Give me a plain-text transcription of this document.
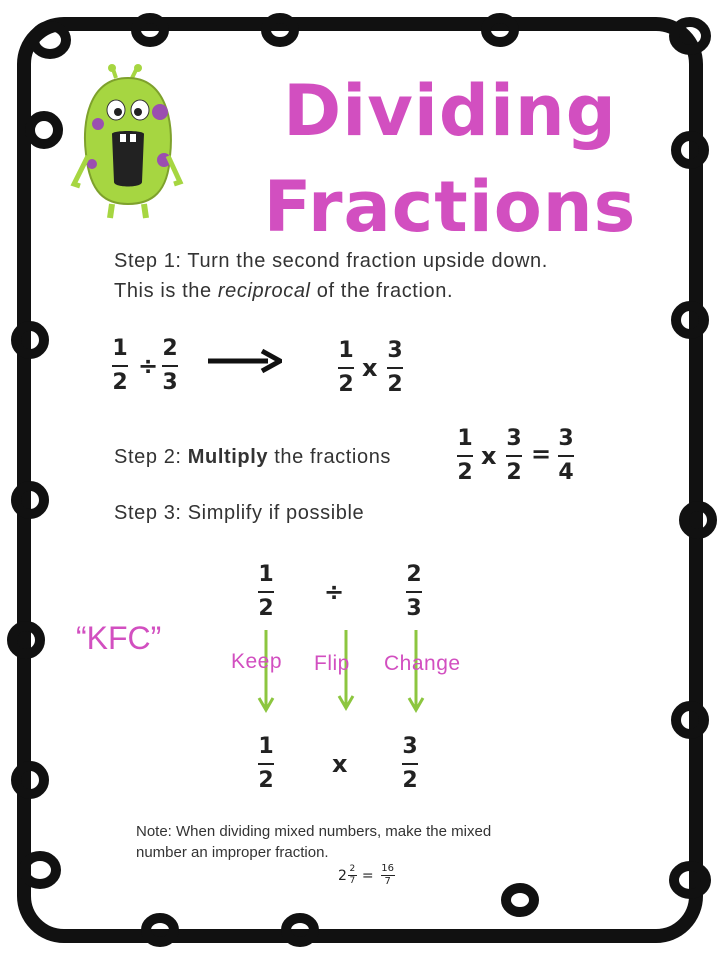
Dividing
Fractions
Step 1: Turn the second fraction upside down.
This is the reciprocal of the fraction.
1
2
÷
2
3
1
2
x
3
2
Step 2: Multiply the fractions
1
2
x
3
2
=
3
4
Step 3: Simplify if possible
“KFC”
1
2
÷
2
3
Keep Flip Change
1
2
x
3
2
Note: When dividing mixed numbers, make the mixed
number an improper fraction.
2 2
7 = 16
7
